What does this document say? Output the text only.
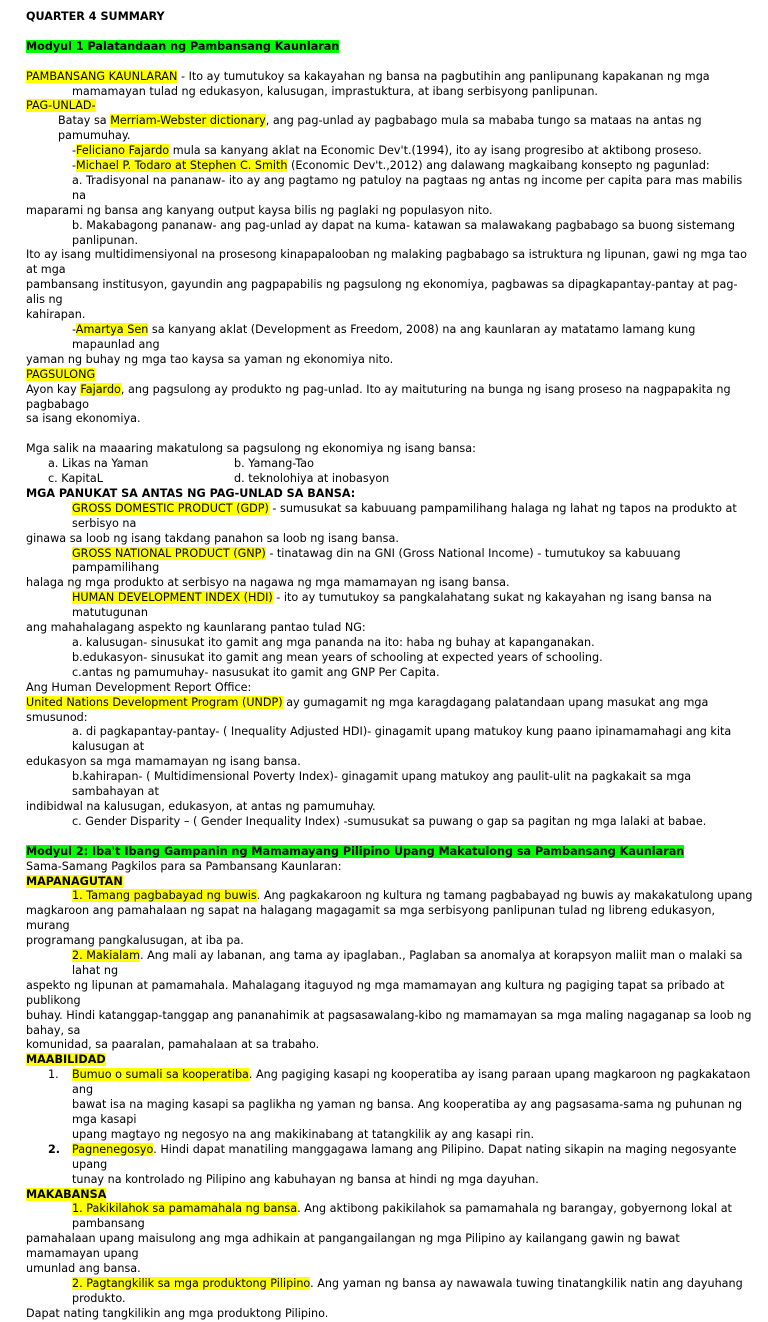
QUARTER 4 SUMMARY

Modyul 1 Palatandaan ng Pambansang Kaunlaran

PAMBANSANG KAUNLARAN - Ito ay tumutukoy sa kakayahan ng bansa na pagbutihin ang panlipunang kapakanan ng mga

mamamayan tulad ng edukasyon, kalusugan, imprastuktura, at ibang serbisyong panlipunan.

PAG-UNLAD-

Batay sa Merriam-Webster dictionary, ang pag-unlad ay pagbabago mula sa mababa tungo sa mataas na antas ng pamumuhay.

-Feliciano Fajardo mula sa kanyang aklat na Economic Dev't.(1994), ito ay isang progresibo at aktibong proseso.

-Michael P. Todaro at Stephen C. Smith (Economic Dev't.,2012) ang dalawang magkaibang konsepto ng pagunlad:

a. Tradisyonal na pananaw- ito ay ang pagtamo ng patuloy na pagtaas ng antas ng income per capita para mas mabilis na

maparami ng bansa ang kanyang output kaysa bilis ng paglaki ng populasyon nito.

b. Makabagong pananaw- ang pag-unlad ay dapat na kuma- katawan sa malawakang pagbabago sa buong sistemang panlipunan.

Ito ay isang multidimensiyonal na prosesong kinapapalooban ng malaking pagbabago sa istruktura ng lipunan, gawi ng mga tao at mga

pambansang institusyon, gayundin ang pagpapabilis ng pagsulong ng ekonomiya, pagbawas sa dipagkapantay-pantay at pag-alis ng

kahirapan.

-Amartya Sen sa kanyang aklat (Development as Freedom, 2008) na ang kaunlaran ay matatamo lamang kung mapaunlad ang

yaman ng buhay ng mga tao kaysa sa yaman ng ekonomiya nito.

PAGSULONG

Ayon kay Fajardo, ang pagsulong ay produkto ng pag-unlad. Ito ay maituturing na bunga ng isang proseso na nagpapakita ng pagbabago

sa isang ekonomiya.

Mga salik na maaaring makatulong sa pagsulong ng ekonomiya ng isang bansa:

a. Likas na Yaman	b. Yamang-Tao
c. KapitaL	d. teknolohiya at inobasyon

MGA PANUKAT SA ANTAS NG PAG-UNLAD SA BANSA:

GROSS DOMESTIC PRODUCT (GDP) - sumusukat sa kabuuang pampamilihang halaga ng lahat ng tapos na produkto at serbisyo na

ginawa sa loob ng isang takdang panahon sa loob ng isang bansa.

GROSS NATIONAL PRODUCT (GNP) - tinatawag din na GNI (Gross National Income) - tumutukoy sa kabuuang pampamilihang

halaga ng mga produkto at serbisyo na nagawa ng mga mamamayan ng isang bansa.

HUMAN DEVELOPMENT INDEX (HDI) - ito ay tumutukoy sa pangkalahatang sukat ng kakayahan ng isang bansa na matutugunan

ang mahahalagang aspekto ng kaunlarang pantao tulad NG:

a. kalusugan- sinusukat ito gamit ang mga pananda na ito: haba ng buhay at kapanganakan.

b.edukasyon- sinusukat ito gamit ang mean years of schooling at expected years of schooling.

c.antas ng pamumuhay- nasusukat ito gamit ang GNP Per Capita.

Ang Human Development Report Office:

United Nations Development Program (UNDP) ay gumagamit ng mga karagdagang palatandaan upang masukat ang mga smusunod:

a. di pagkapantay-pantay- ( Inequality Adjusted HDI)- ginagamit upang matukoy kung paano ipinamamahagi ang kita kalusugan at

edukasyon sa mga mamamayan ng isang bansa.

b.kahirapan- ( Multidimensional Poverty Index)- ginagamit upang matukoy ang paulit-ulit na pagkakait sa mga sambahayan at

indibidwal na kalusugan, edukasyon, at antas ng pamumuhay.

c. Gender Disparity – ( Gender Inequality Index) -sumusukat sa puwang o gap sa pagitan ng mga lalaki at babae.

Modyul 2: Iba't Ibang Gampanin ng Mamamayang Pilipino Upang Makatulong sa Pambansang Kaunlaran

Sama-Samang Pagkilos para sa Pambansang Kaunlaran:

MAPANAGUTAN

1. Tamang pagbabayad ng buwis. Ang pagkakaroon ng kultura ng tamang pagbabayad ng buwis ay makakatulong upang

magkaroon ang pamahalaan ng sapat na halagang magagamit sa mga serbisyong panlipunan tulad ng libreng edukasyon, murang

programang pangkalusugan, at iba pa.

2. Makialam. Ang mali ay labanan, ang tama ay ipaglaban., Paglaban sa anomalya at korapsyon maliit man o malaki sa lahat ng

aspekto ng lipunan at pamamahala. Mahalagang itaguyod ng mga mamamayan ang kultura ng pagiging tapat sa pribado at publikong

buhay. Hindi katanggap-tanggap ang pananahimik at pagsasawalang-kibo ng mamamayan sa mga maling nagaganap sa loob ng bahay, sa

komunidad, sa paaralan, pamahalaan at sa trabaho.

MAABILIDAD

1.	Bumuo o sumali sa kooperatiba. Ang pagiging kasapi ng kooperatiba ay isang paraan upang magkaroon ng pagkakataon ang

bawat isa na maging kasapi sa paglikha ng yaman ng bansa. Ang kooperatiba ay ang pagsasama-sama ng puhunan ng mga kasapi

upang magtayo ng negosyo na ang makikinabang at tatangkilik ay ang kasapi rin.

2.	Pagnenegosyo. Hindi dapat manatiling manggagawa lamang ang Pilipino. Dapat nating sikapin na maging negosyante upang

tunay na kontrolado ng Pilipino ang kabuhayan ng bansa at hindi ng mga dayuhan.

MAKABANSA

1. Pakikilahok sa pamamahala ng bansa. Ang aktibong pakikilahok sa pamamahala ng barangay, gobyernong lokal at pambansang

pamahalaan upang maisulong ang mga adhikain at pangangailangan ng mga Pilipino ay kailangang gawin ng bawat mamamayan upang

umunlad ang bansa.

2. Pagtangkilik sa mga produktong Pilipino. Ang yaman ng bansa ay nawawala tuwing tinatangkilik natin ang dayuhang produkto.

Dapat nating tangkilikin ang mga produktong Pilipino.
